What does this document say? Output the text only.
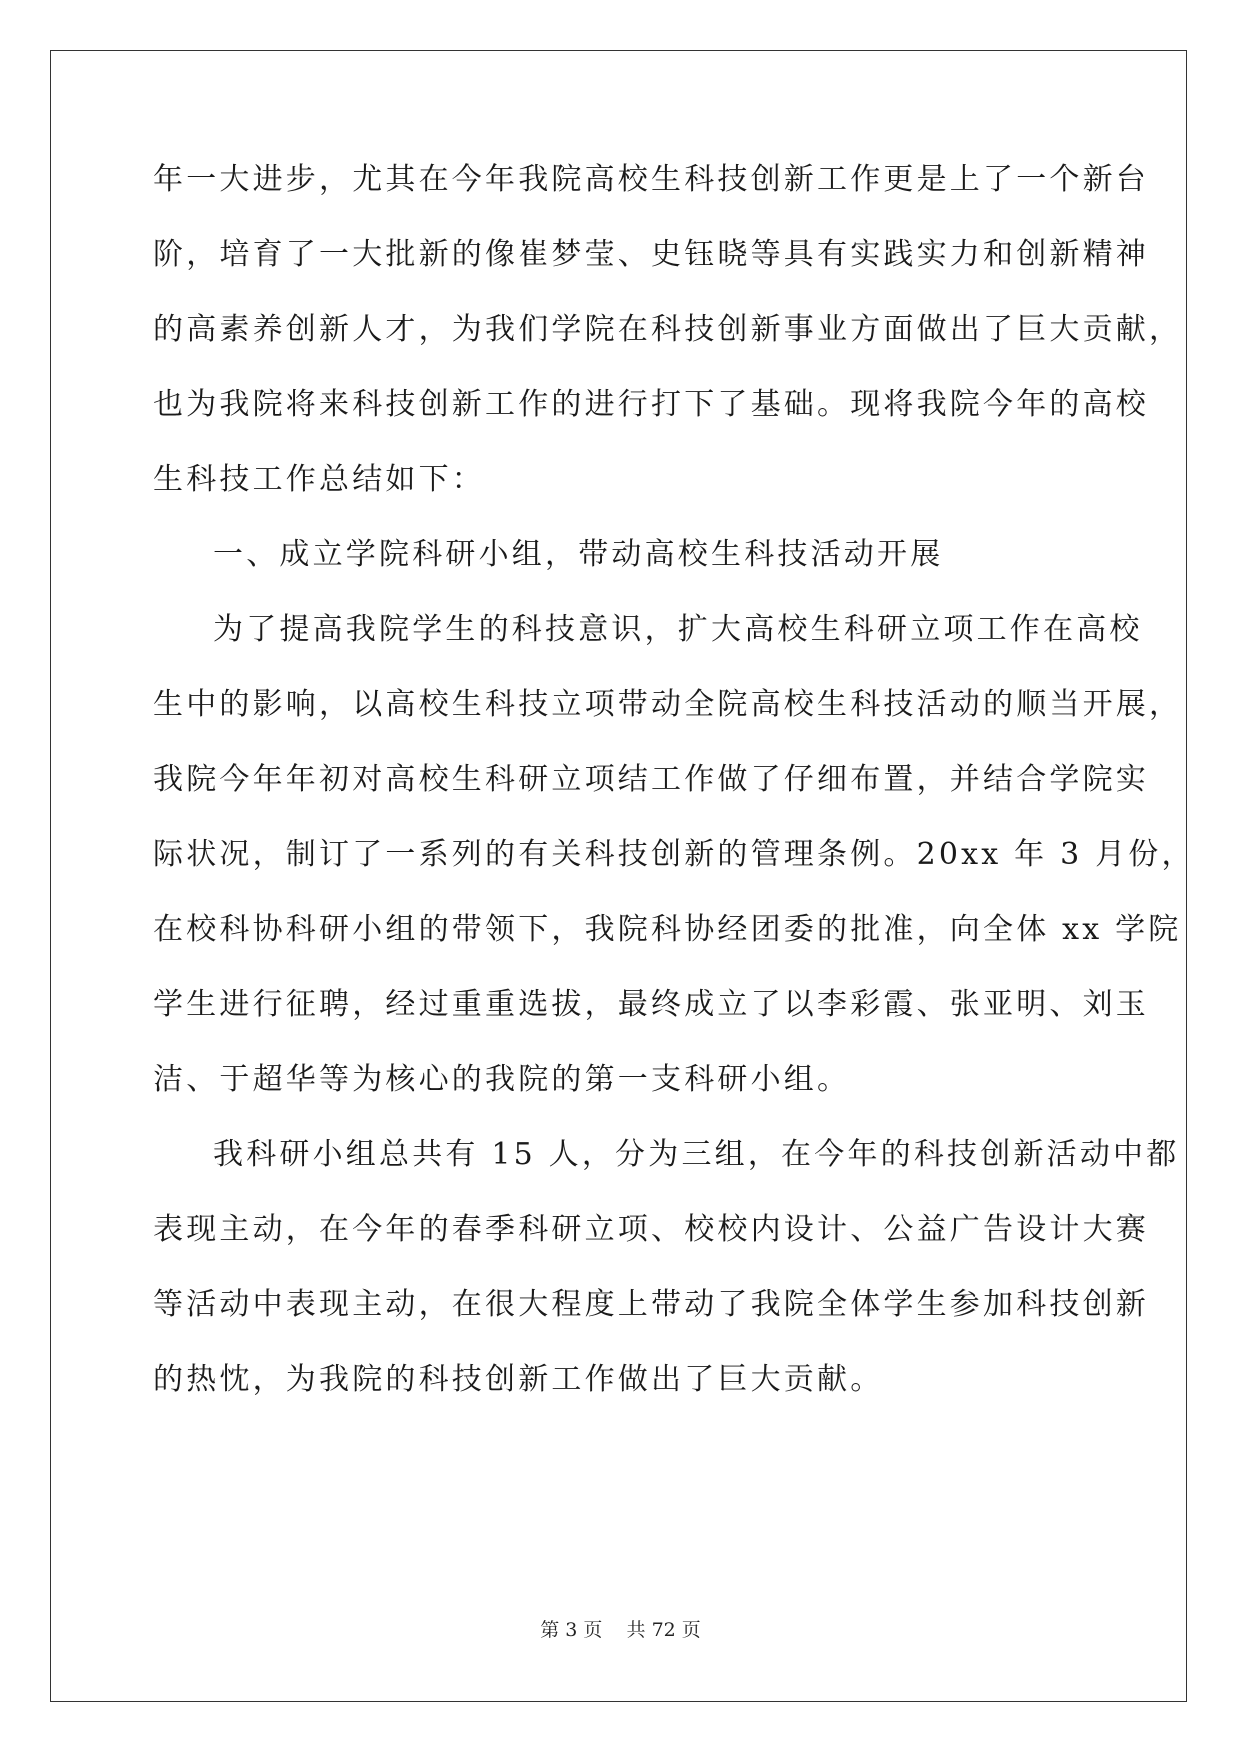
年一大进步，尤其在今年我院高校生科技创新工作更是上了一个新台
阶，培育了一大批新的像崔梦莹、史钰晓等具有实践实力和创新精神
的高素养创新人才，为我们学院在科技创新事业方面做出了巨大贡献，
也为我院将来科技创新工作的进行打下了基础。现将我院今年的高校
生科技工作总结如下：
一、成立学院科研小组，带动高校生科技活动开展
为了提高我院学生的科技意识，扩大高校生科研立项工作在高校
生中的影响，以高校生科技立项带动全院高校生科技活动的顺当开展，
我院今年年初对高校生科研立项结工作做了仔细布置，并结合学院实
际状况，制订了一系列的有关科技创新的管理条例。20xx 年 3 月份，
在校科协科研小组的带领下，我院科协经团委的批准，向全体 xx 学院
学生进行征聘，经过重重选拔，最终成立了以李彩霞、张亚明、刘玉
洁、于超华等为核心的我院的第一支科研小组。
我科研小组总共有 15 人，分为三组，在今年的科技创新活动中都
表现主动，在今年的春季科研立项、校校内设计、公益广告设计大赛
等活动中表现主动，在很大程度上带动了我院全体学生参加科技创新
的热忱，为我院的科技创新工作做出了巨大贡献。
第 3 页 共 72 页
